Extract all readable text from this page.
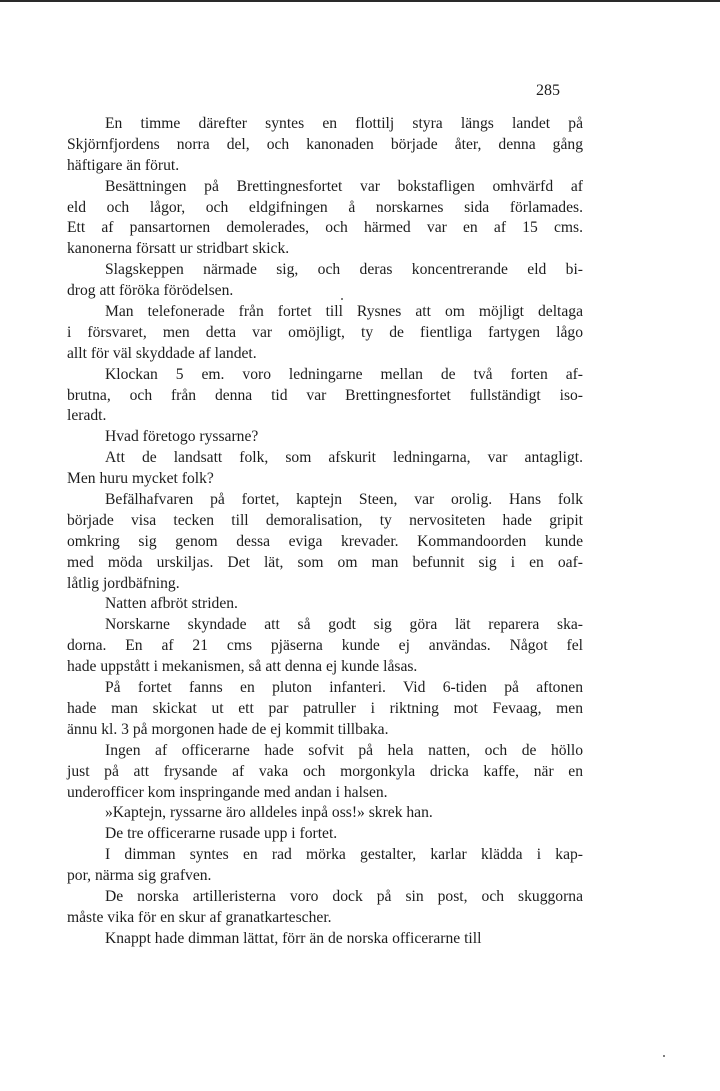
285
En timme därefter syntes en flottilj styra längs landet på
Skjörnfjordens norra del, och kanonaden började åter, denna gång
häftigare än förut.
Besättningen på Brettingnesfortet var bokstafligen omhvärfd af
eld och lågor, och eldgifningen å norskarnes sida förlamades.
Ett af pansartornen demolerades, och härmed var en af 15 cms.
kanonerna försatt ur stridbart skick.
Slagskeppen närmade sig, och deras koncentrerande eld bi-
drog att föröka förödelsen.
Man telefonerade från fortet till Rysnes att om möjligt deltaga
i försvaret, men detta var omöjligt, ty de fientliga fartygen lågo
allt för väl skyddade af landet.
Klockan 5 em. voro ledningarne mellan de två forten af-
brutna, och från denna tid var Brettingnesfortet fullständigt iso-
leradt.
Hvad företogo ryssarne?
Att de landsatt folk, som afskurit ledningarna, var antagligt.
Men huru mycket folk?
Befälhafvaren på fortet, kaptejn Steen, var orolig. Hans folk
började visa tecken till demoralisation, ty nervositeten hade gripit
omkring sig genom dessa eviga krevader. Kommandoorden kunde
med möda urskiljas. Det lät, som om man befunnit sig i en oaf-
låtlig jordbäfning.
Natten afbröt striden.
Norskarne skyndade att så godt sig göra lät reparera ska-
dorna. En af 21 cms pjäserna kunde ej användas. Något fel
hade uppstått i mekanismen, så att denna ej kunde låsas.
På fortet fanns en pluton infanteri. Vid 6-tiden på aftonen
hade man skickat ut ett par patruller i riktning mot Fevaag, men
ännu kl. 3 på morgonen hade de ej kommit tillbaka.
Ingen af officerarne hade sofvit på hela natten, och de höllo
just på att frysande af vaka och morgonkyla dricka kaffe, när en
underofficer kom inspringande med andan i halsen.
»Kaptejn, ryssarne äro alldeles inpå oss!» skrek han.
De tre officerarne rusade upp i fortet.
I dimman syntes en rad mörka gestalter, karlar klädda i kap-
por, närma sig grafven.
De norska artilleristerna voro dock på sin post, och skuggorna
måste vika för en skur af granatkartescher.
Knappt hade dimman lättat, förr än de norska officerarne till
